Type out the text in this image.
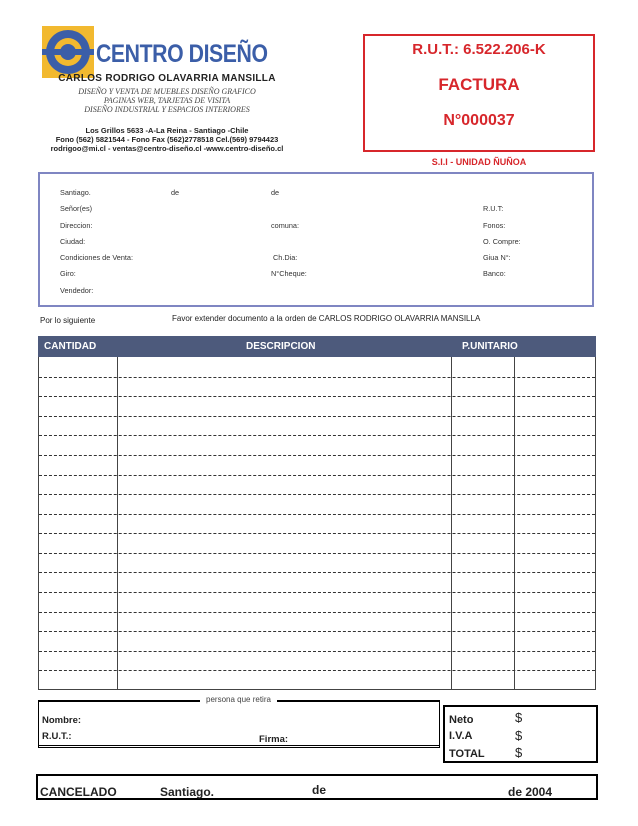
CENTRO DISEÑO
CARLOS RODRIGO OLAVARRIA MANSILLA
DISEÑO Y VENTA DE MUEBLES DISEÑO GRAFICO
PAGINAS WEB, TARJETAS DE VISITA
DISEÑO INDUSTRIAL Y ESPACIOS INTERIORES
Los Grillos 5633 -A-La Reina - Santiago -Chile
Fono (562) 5821544 - Fono Fax (562)2778518 Cel.(569) 9794423
rodrigoo@mi.cl - ventas@centro-diseño.cl -www.centro-diseño.cl
R.U.T.: 6.522.206-K
FACTURA
N°000037
S.I.I - UNIDAD ÑUÑOA
Santiago.	de	de
Señor(es)	R.U.T:
Direccion:	comuna:	Fonos:
Ciudad:	O. Compre:
Condiciones de Venta:	Ch.Dia:	Giua N°:
Giro:	N°Cheque:	Banco:
Vendedor:
Por lo siguiente	Favor extender documento a la orden de CARLOS RODRIGO OLAVARRIA MANSILLA
CANTIDAD	DESCRIPCION	P.UNITARIO
Nombre:
R.U.T.:	Firma:
persona que retira
Neto	$
I.V.A	$
TOTAL $
CANCELADO	Santiago.	de	de 2004
